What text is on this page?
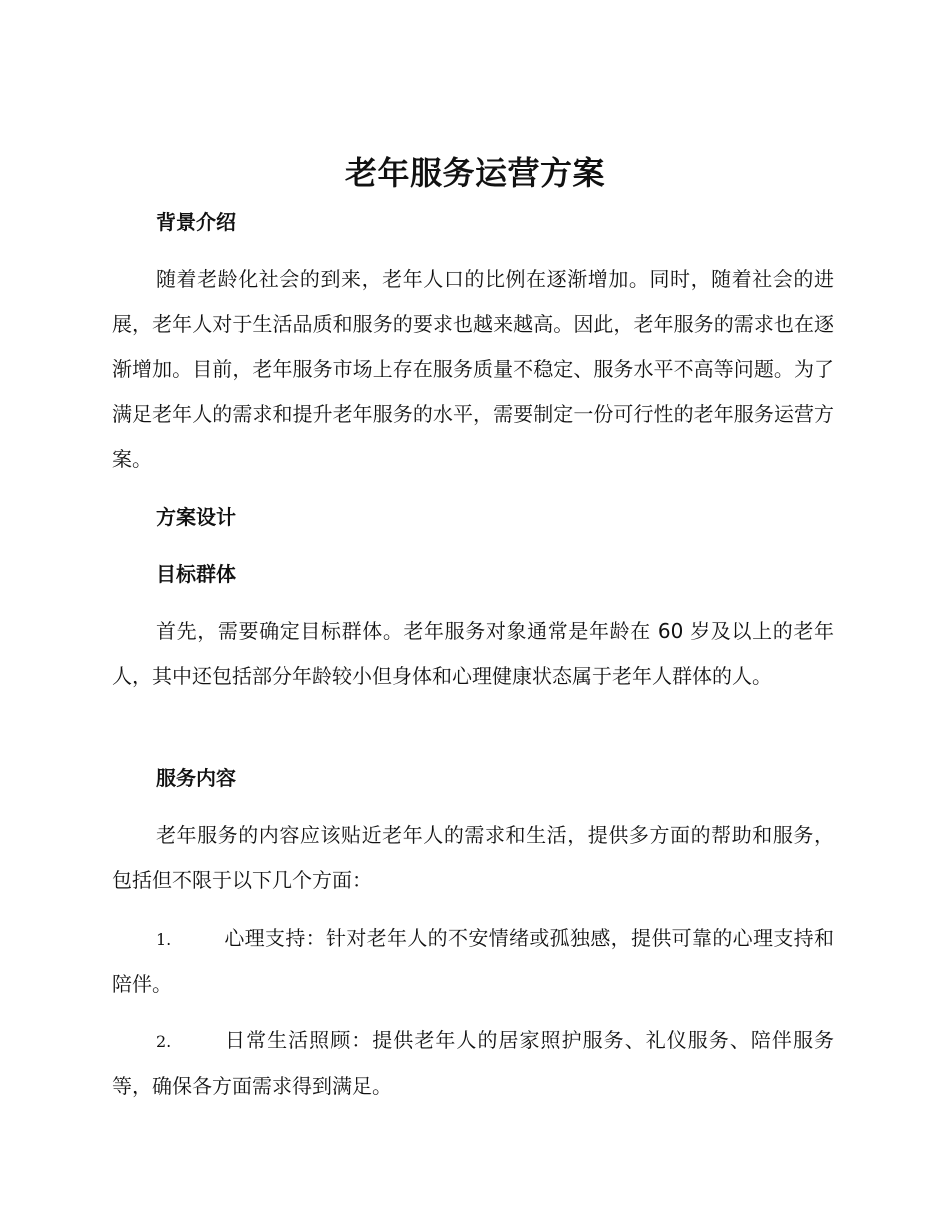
老年服务运营方案
背景介绍

随着老龄化社会的到来，老年人口的比例在逐渐增加。同时，随着社会的进展，老年人对于生活品质和服务的要求也越来越高。因此，老年服务的需求也在逐渐增加。目前，老年服务市场上存在服务质量不稳定、服务水平不高等问题。为了满足老年人的需求和提升老年服务的水平，需要制定一份可行性的老年服务运营方案。

方案设计
目标群体

首先，需要确定目标群体。老年服务对象通常是年龄在 60 岁及以上的老年人，其中还包括部分年龄较小但身体和心理健康状态属于老年人群体的人。

服务内容

老年服务的内容应该贴近老年人的需求和生活，提供多方面的帮助和服务，包括但不限于以下几个方面：

1.	心理支持：针对老年人的不安情绪或孤独感，提供可靠的心理支持和陪伴。

2.	日常生活照顾：提供老年人的居家照护服务、礼仪服务、陪伴服务等，确保各方面需求得到满足。
